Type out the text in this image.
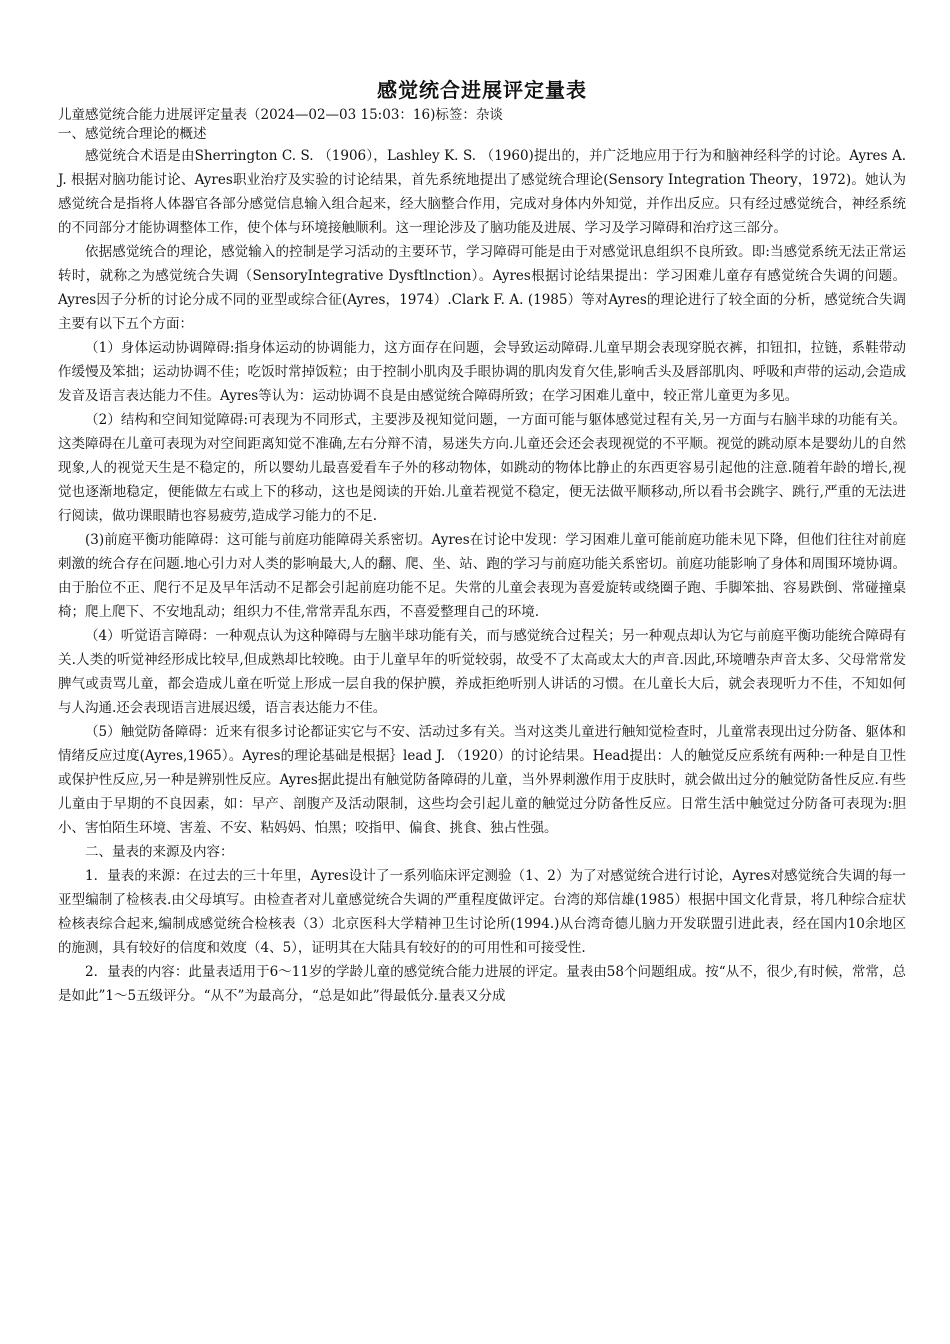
感觉统合进展评定量表

儿童感觉统合能力进展评定量表（2024—02—03 15:03：16)标签：杂谈

一、感觉统合理论的概述

感觉统合术语是由Sherrington C. S. （1906），Lashley K. S. （1960)提出的，并广泛地应用于行为和脑神经科学的讨论。Ayres A. J. 根据对脑功能讨论、Ayres职业治疗及实验的讨论结果，首先系统地提出了感觉统合理论(Sensory Integration Theory，1972)。她认为感觉统合是指将人体器官各部分感觉信息输入组合起来，经大脑整合作用，完成对身体内外知觉，并作出反应。只有经过感觉统合，神经系统的不同部分才能协调整体工作，使个体与环境接触顺利。这一理论涉及了脑功能及进展、学习及学习障碍和治疗这三部分。

依据感觉统合的理论，感觉输入的控制是学习活动的主要环节，学习障碍可能是由于对感觉讯息组织不良所致。即:当感觉系统无法正常运转时，就称之为感觉统合失调（SensoryIntegrative Dysftlnction）。Ayres根据讨论结果提出：学习困难儿童存有感觉统合失调的问题。Ayres因子分析的讨论分成不同的亚型或综合征(Ayres，1974）.Clark F. A. (1985）等对Ayres的理论进行了较全面的分析，感觉统合失调主要有以下五个方面：

（1）身体运动协调障碍:指身体运动的协调能力，这方面存在问题，会导致运动障碍.儿童早期会表现穿脱衣裤，扣钮扣，拉链，系鞋带动作缓慢及笨拙；运动协调不佳；吃饭时常掉饭粒；由于控制小肌肉及手眼协调的肌肉发育欠佳,影响舌头及唇部肌肉、呼吸和声带的运动,会造成发音及语言表达能力不佳。Ayres等认为：运动协调不良是由感觉统合障碍所致；在学习困难儿童中，较正常儿童更为多见。

（2）结构和空间知觉障碍:可表现为不同形式，主要涉及视知觉问题，一方面可能与躯体感觉过程有关,另一方面与右脑半球的功能有关。这类障碍在儿童可表现为对空间距离知觉不准确,左右分辩不清，易迷失方向.儿童还会还会表现视觉的不平顺。视觉的跳动原本是婴幼儿的自然现象,人的视觉天生是不稳定的，所以婴幼儿最喜爱看车子外的移动物体，如跳动的物体比静止的东西更容易引起他的注意.随着年龄的增长,视觉也逐渐地稳定，便能做左右或上下的移动，这也是阅读的开始.儿童若视觉不稳定，便无法做平顺移动,所以看书会跳字、跳行,严重的无法进行阅读，做功课眼睛也容易疲劳,造成学习能力的不足.

(3)前庭平衡功能障碍：这可能与前庭功能障碍关系密切。Ayres在讨论中发现：学习困难儿童可能前庭功能未见下降，但他们往往对前庭刺激的统合存在问题.地心引力对人类的影响最大,人的翻、爬、坐、站、跑的学习与前庭功能关系密切。前庭功能影响了身体和周围环境协调。由于胎位不正、爬行不足及早年活动不足都会引起前庭功能不足。失常的儿童会表现为喜爱旋转或绕圈子跑、手脚笨拙、容易跌倒、常碰撞桌椅；爬上爬下、不安地乱动；组织力不佳,常常弄乱东西，不喜爱整理自己的环境.

（4）听觉语言障碍：一种观点认为这种障碍与左脑半球功能有关，而与感觉统合过程关；另一种观点却认为它与前庭平衡功能统合障碍有关.人类的听觉神经形成比较早,但成熟却比较晚。由于儿童早年的听觉较弱，故受不了太高或太大的声音.因此,环境嘈杂声音太多、父母常常发脾气或责骂儿童，都会造成儿童在听觉上形成一层自我的保护膜，养成拒绝听别人讲话的习惯。在儿童长大后，就会表现听力不佳，不知如何与人沟通.还会表现语言进展迟缓，语言表达能力不佳。

（5）触觉防备障碍：近来有很多讨论都证实它与不安、活动过多有关。当对这类儿童进行触知觉检查时，儿童常表现出过分防备、躯体和情绪反应过度(Ayres,1965）。Ayres的理论基础是根据｝lead J. （1920）的讨论结果。Head提出：人的触觉反应系统有两种:一种是自卫性或保护性反应,另一种是辨别性反应。Ayres据此提出有触觉防备障碍的儿童，当外界刺激作用于皮肤时，就会做出过分的触觉防备性反应.有些儿童由于早期的不良因素，如：早产、剖腹产及活动限制，这些均会引起儿童的触觉过分防备性反应。日常生活中触觉过分防备可表现为:胆小、害怕陌生环境、害羞、不安、粘妈妈、怕黑；咬指甲、偏食、挑食、独占性强。

二、量表的来源及内容：

1．量表的来源：在过去的三十年里，Ayres设计了一系列临床评定测验（1、2）为了对感觉统合进行讨论，Ayres对感觉统合失调的每一亚型编制了检核表.由父母填写。由检查者对儿童感觉统合失调的严重程度做评定。台湾的郑信雄(1985）根据中国文化背景，将几种综合症状检核表综合起来,编制成感觉统合检核表（3）北京医科大学精神卫生讨论所(1994.)从台湾奇德儿脑力开发联盟引进此表，经在国内10余地区的施测，具有较好的信度和效度（4、5），证明其在大陆具有较好的的可用性和可接受性.

2．量表的内容：此量表适用于6～11岁的学龄儿童的感觉统合能力进展的评定。量表由58个问题组成。按“从不，很少,有时候，常常，总是如此”1～5五级评分。“从不”为最高分，“总是如此”得最低分.量表又分成
